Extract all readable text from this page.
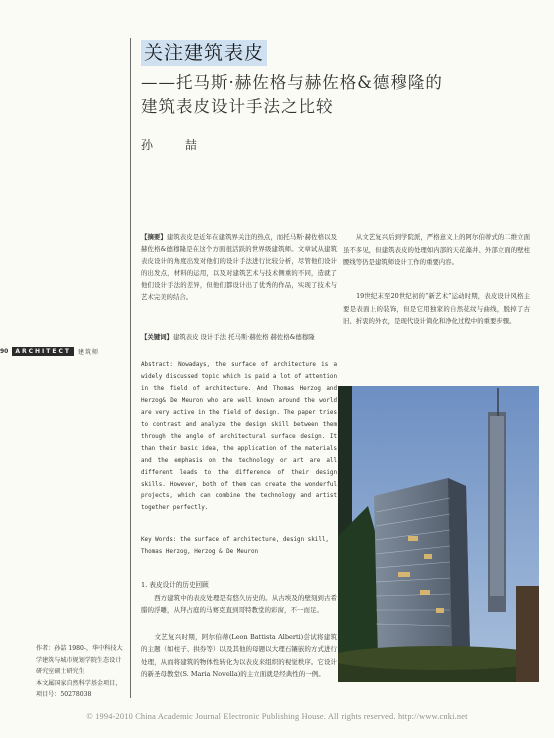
关注建筑表皮
——托马斯·赫佐格与赫佐格&德穆隆的
建筑表皮设计手法之比较
孙 喆
90	ARCHITECT	建筑师
【摘要】建筑表皮是近年在建筑界关注的热点，而托马斯·赫佐格以及赫佐格&德穆隆是在这个方面很活跃的世界级建筑师。文章试从建筑表皮设计的角度出发对他们的设计手法进行比较分析，尽管他们设计的出发点，材料的运用，以及对建筑艺术与技术侧重的不同，造就了他们设计手法的差异，但他们都设计出了优秀的作品，实现了技术与艺术完美的结合。
【关键词】建筑表皮 设计手法 托马斯·赫佐格 赫佐格&德穆隆
Abstract: Nowadays, the surface of architecture is a widely discussed topic which is paid a lot of attention in the field of architecture. And Thomas Herzog and Herzog& De Meuron who are well known around the world are very active in the field of design. The paper tries to contrast and analyze the design skill between them through the angle of architectural surface design. It than their basic idea, the application of the materials and the emphasis on the technology or art are all different leads to the difference of their design skills. However, both of them can create the wonderful projects, which can combine the technology and artist together perfectly.
Key Words: the surface of architecture, design skill, Thomas Herzog, Herzog & De Meuron
1. 表皮设计的历史回顾
　　西方建筑中的表皮处理是有悠久历史的。从古埃及的壁刻到古希腊的浮雕，从拜占庭的马赛克直到哥特教堂的彩窗，不一而足。
　　文艺复兴时期，阿尔伯蒂(Leon Battista Alberti)尝试将建筑的主题（如柱子、拱券等）以及其他的母题以大理石镶嵌的方式进行处理，从而将建筑的物体性转化为以表皮来组织的视觉秩序。它设计的新圣母教堂(S. Maria Novella)的主立面就是经典性的一例。
　　从文艺复兴后到学院派，严格意义上的阿尔伯蒂式的二维立面虽不多见，但建筑表皮的处理如内部的天花藻井、外部立面的壁柱腰线等仍是建筑师设计工作的重要内容。
　　19世纪末至20世纪初的“新艺术”运动时期，表皮设计风格主要是表面上的装饰，但是它用独家的自然花纹与曲线，脱掉了古旧、折衷的外衣，是现代设计简化和净化过程中的重要步骤。
作者：孙喆 1980-，华中科技大学建筑与城市规划学院生态设计研究室硕士研究生
本文属国家自然科学基金项目，项目号：50278038
© 1994-2010 China Academic Journal Electronic Publishing House. All rights reserved. http://www.cnki.net
